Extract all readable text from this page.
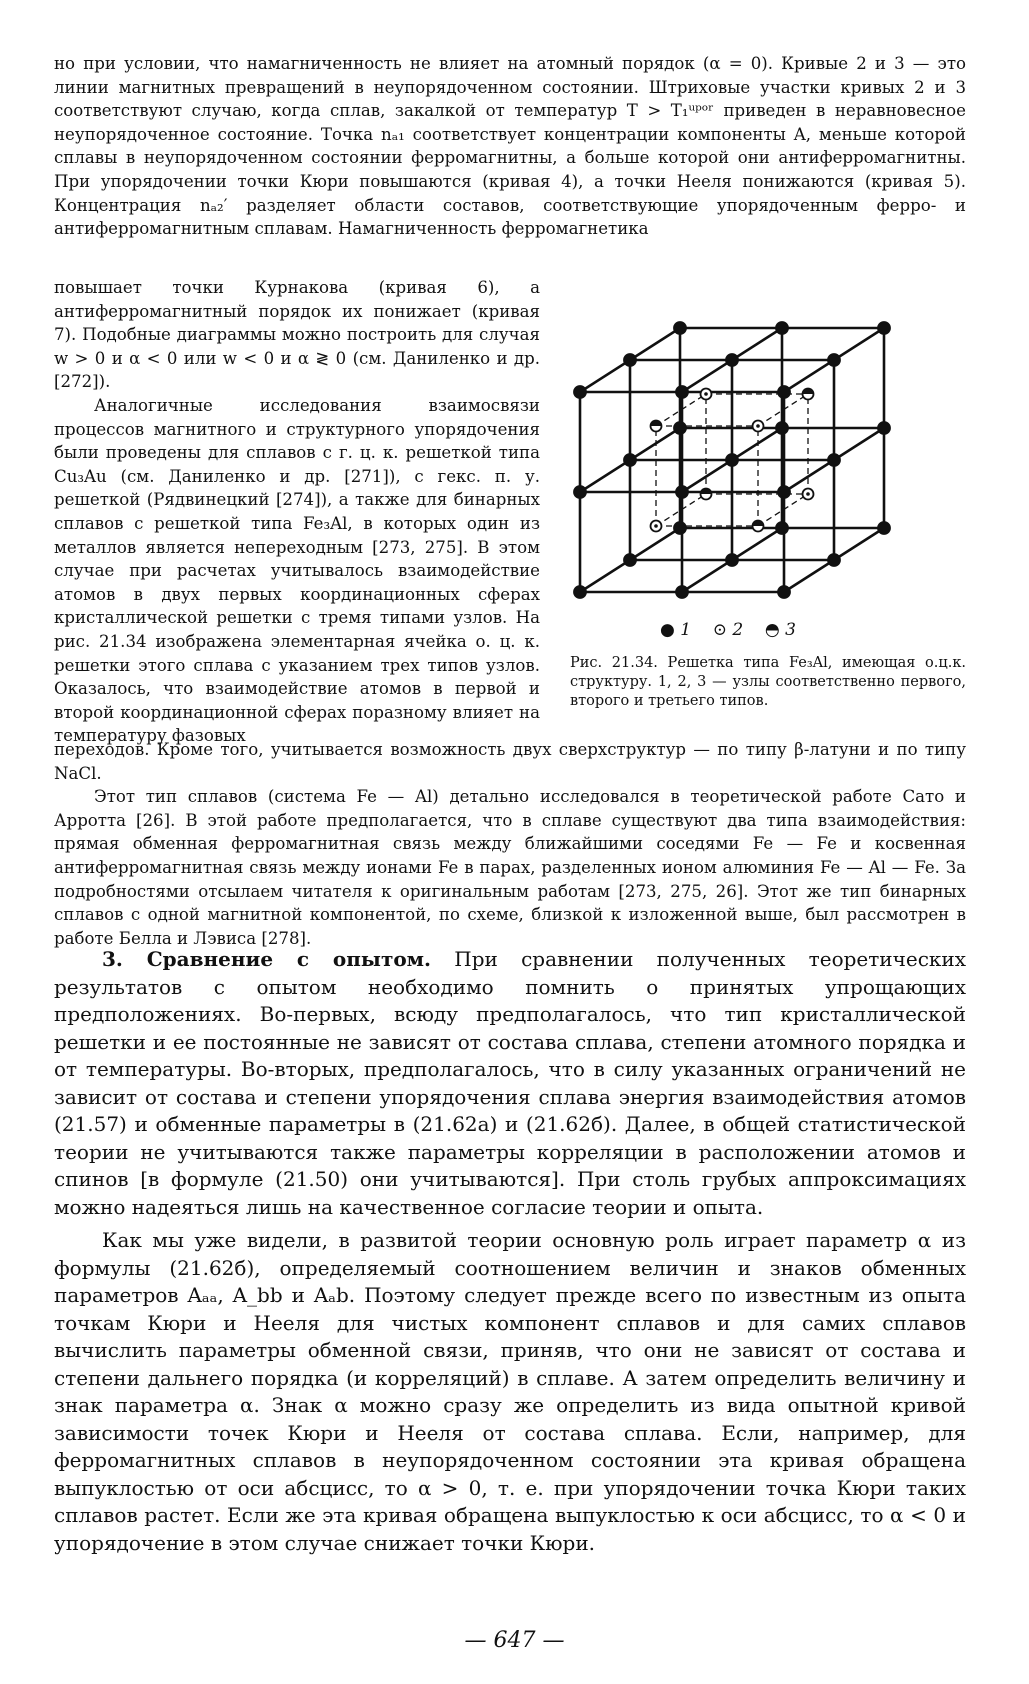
но при условии, что намагниченность не влияет на атомный порядок (α = 0). Кривые 2 и 3 — это линии магнитных превращений в неупорядоченном состоянии. Штриховые участки кривых 2 и 3 соответствуют случаю, когда сплав, закалкой от температур T > T₁ᵘᵖᵒʳ приведен в неравновесное неупорядоченное состояние. Точка nₐ₁ соответствует концентрации компоненты A, меньше которой сплавы в неупорядоченном состоянии ферромагнитны, а больше которой они антиферромагнитны. При упорядочении точки Кюри повышаются (кривая 4), а точки Нееля понижаются (кривая 5). Концентрация nₐ₂′ разделяет области составов, соответствующие упорядоченным ферро- и антиферромагнитным сплавам. Намагниченность ферромагнетика

повышает точки Курнакова (кривая 6), а антиферромагнитный порядок их понижает (кривая 7). Подобные диаграммы можно построить для случая w > 0 и α < 0 или w < 0 и α ≷ 0 (см. Даниленко и др. [272]).

Аналогичные исследования взаимосвязи процессов магнитного и структурного упорядочения были проведены для сплавов с г. ц. к. решеткой типа Cu₃Au (см. Даниленко и др. [271]), с гекс. п. у. решеткой (Рядвинецкий [274]), а также для бинарных сплавов с решеткой типа Fe₃Al, в которых один из металлов является непереходным [273, 275]. В этом случае при расчетах учитывалось взаимодействие атомов в двух первых координационных сферах кристаллической решетки с тремя типами узлов. На рис. 21.34 изображена элементарная ячейка о. ц. к. решетки этого сплава с указанием трех типов узлов. Оказалось, что взаимодействие атомов в первой и второй координационной сферах поразному влияет на температуру фазовых

● 1 ⊙ 2 ◓ 3
Рис. 21.34. Решетка типа Fe₃Al, имеющая о.ц.к. структуру. 1, 2, 3 — узлы соответственно первого, второго и третьего типов.

переходов. Кроме того, учитывается возможность двух сверхструктур — по типу β-латуни и по типу NaCl.

Этот тип сплавов (система Fe — Al) детально исследовался в теоретической работе Сато и Арротта [26]. В этой работе предполагается, что в сплаве существуют два типа взаимодействия: прямая обменная ферромагнитная связь между ближайшими соседями Fe — Fe и косвенная антиферромагнитная связь между ионами Fe в парах, разделенных ионом алюминия Fe — Al — Fe. За подробностями отсылаем читателя к оригинальным работам [273, 275, 26]. Этот же тип бинарных сплавов с одной магнитной компонентой, по схеме, близкой к изложенной выше, был рассмотрен в работе Белла и Лэвиса [278].

3. Сравнение с опытом. При сравнении полученных теоретических результатов с опытом необходимо помнить о принятых упрощающих предположениях. Во-первых, всюду предполагалось, что тип кристаллической решетки и ее постоянные не зависят от состава сплава, степени атомного порядка и от температуры. Во-вторых, предполагалось, что в силу указанных ограничений не зависит от состава и степени упорядочения сплава энергия взаимодействия атомов (21.57) и обменные параметры в (21.62а) и (21.62б). Далее, в общей статистической теории не учитываются также параметры корреляции в расположении атомов и спинов [в формуле (21.50) они учитываются]. При столь грубых аппроксимациях можно надеяться лишь на качественное согласие теории и опыта.

Как мы уже видели, в развитой теории основную роль играет параметр α из формулы (21.62б), определяемый соотношением величин и знаков обменных параметров Aₐₐ, A_bb и Aₐb. Поэтому следует прежде всего по известным из опыта точкам Кюри и Нееля для чистых компонент сплавов и для самих сплавов вычислить параметры обменной связи, приняв, что они не зависят от состава и степени дальнего порядка (и корреляций) в сплаве. А затем определить величину и знак параметра α. Знак α можно сразу же определить из вида опытной кривой зависимости точек Кюри и Нееля от состава сплава. Если, например, для ферромагнитных сплавов в неупорядоченном состоянии эта кривая обращена выпуклостью от оси абсцисс, то α > 0, т. е. при упорядочении точка Кюри таких сплавов растет. Если же эта кривая обращена выпуклостью к оси абсцисс, то α < 0 и упорядочение в этом случае снижает точки Кюри.

— 647 —
